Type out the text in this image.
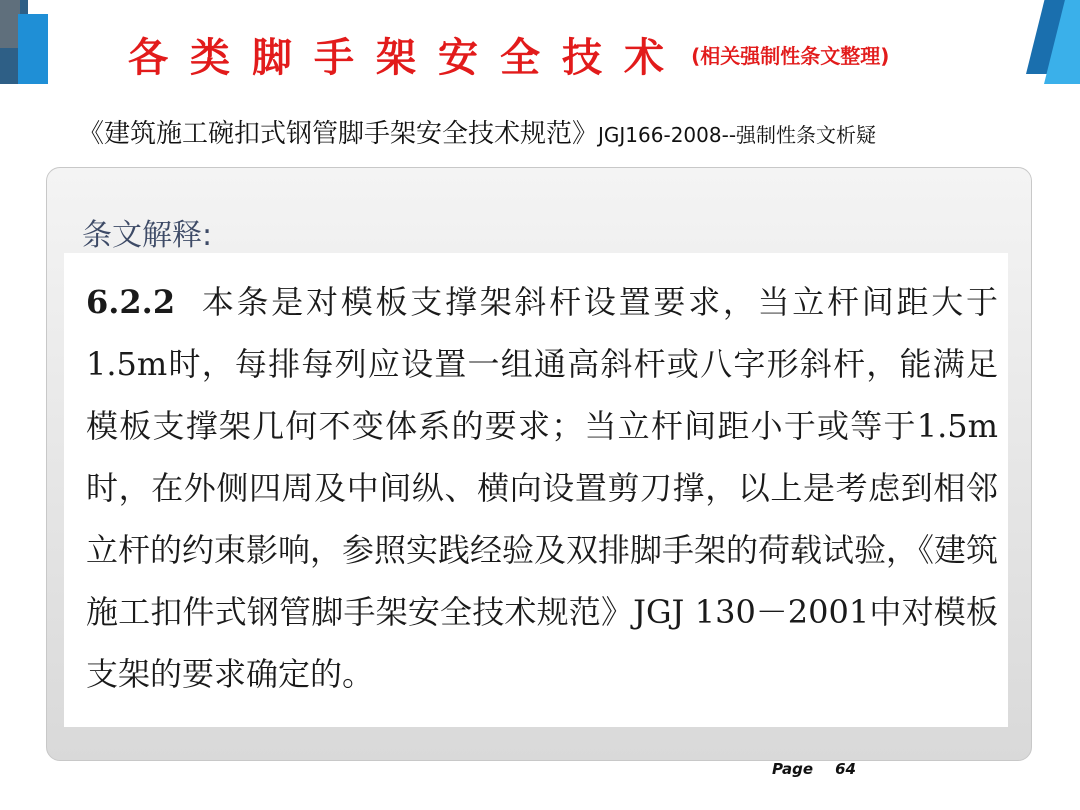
各类脚手架安全技术 (相关强制性条文整理)
《建筑施工碗扣式钢管脚手架安全技术规范》JGJ166-2008--强制性条文析疑
条文解释:

6.2.2 本条是对模板支撑架斜杆设置要求，当立杆间距大于1.5m时，每排每列应设置一组通高斜杆或八字形斜杆，能满足模板支撑架几何不变体系的要求；当立杆间距小于或等于1.5m时，在外侧四周及中间纵、横向设置剪刀撑，以上是考虑到相邻立杆的约束影响，参照实践经验及双排脚手架的荷载试验，《建筑施工扣件式钢管脚手架安全技术规范》JGJ 130－2001中对模板支架的要求确定的。

Page 64
